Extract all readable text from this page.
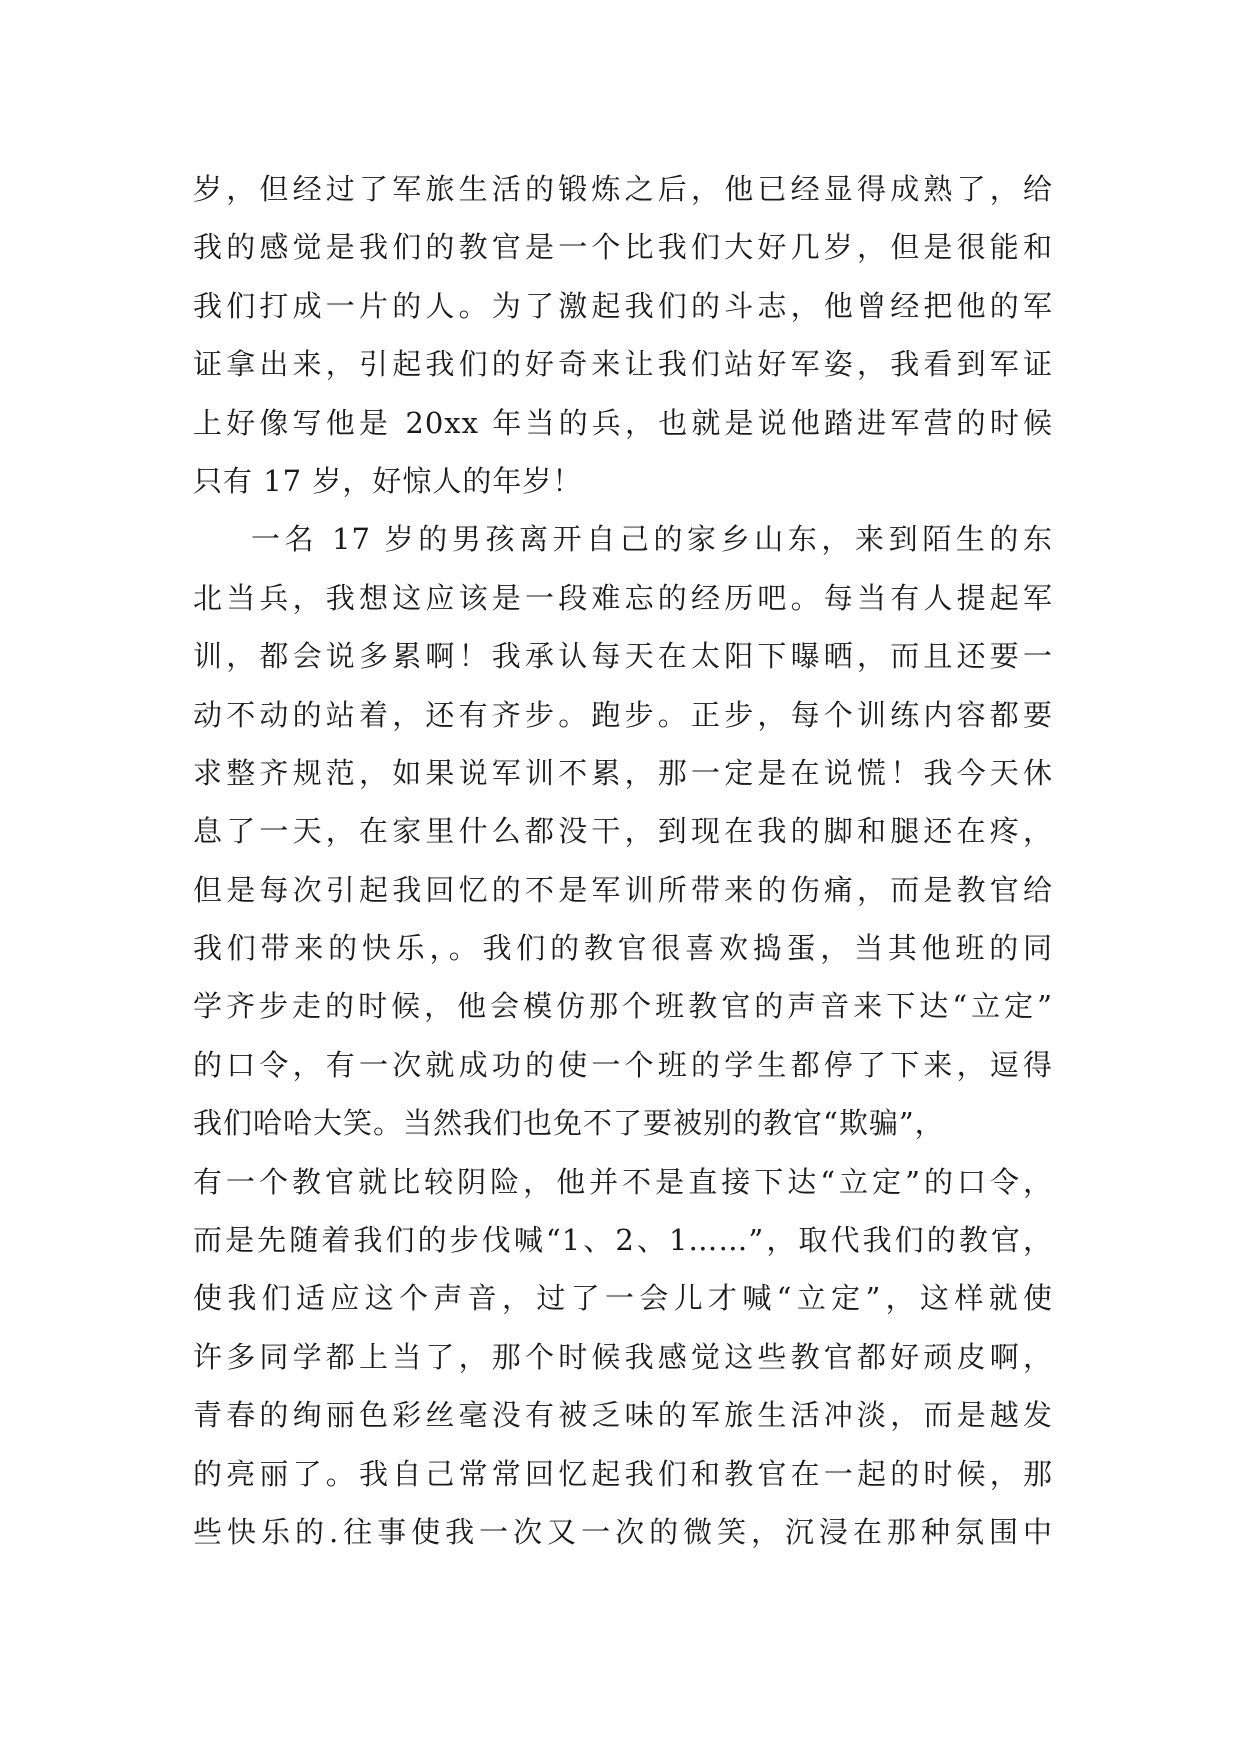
岁，但经过了军旅生活的锻炼之后，他已经显得成熟了，给
我的感觉是我们的教官是一个比我们大好几岁，但是很能和
我们打成一片的人。为了激起我们的斗志，他曾经把他的军
证拿出来，引起我们的好奇来让我们站好军姿，我看到军证
上好像写他是 20xx 年当的兵，也就是说他踏进军营的时候
只有 17 岁，好惊人的年岁！
一名 17 岁的男孩离开自己的家乡山东，来到陌生的东
北当兵，我想这应该是一段难忘的经历吧。每当有人提起军
训，都会说多累啊！我承认每天在太阳下曝晒，而且还要一
动不动的站着，还有齐步。跑步。正步，每个训练内容都要
求整齐规范，如果说军训不累，那一定是在说慌！我今天休
息了一天，在家里什么都没干，到现在我的脚和腿还在疼，
但是每次引起我回忆的不是军训所带来的伤痛，而是教官给
我们带来的快乐，。我们的教官很喜欢捣蛋，当其他班的同
学齐步走的时候，他会模仿那个班教官的声音来下达“立定”
的口令，有一次就成功的使一个班的学生都停了下来，逗得
我们哈哈大笑。当然我们也免不了要被别的教官“欺骗”，
有一个教官就比较阴险，他并不是直接下达“立定”的口令，
而是先随着我们的步伐喊“1、2、1……”，取代我们的教官，
使我们适应这个声音，过了一会儿才喊“立定”，这样就使
许多同学都上当了，那个时候我感觉这些教官都好顽皮啊，
青春的绚丽色彩丝毫没有被乏味的军旅生活冲淡，而是越发
的亮丽了。我自己常常回忆起我们和教官在一起的时候，那
些快乐的.往事使我一次又一次的微笑，沉浸在那种氛围中
